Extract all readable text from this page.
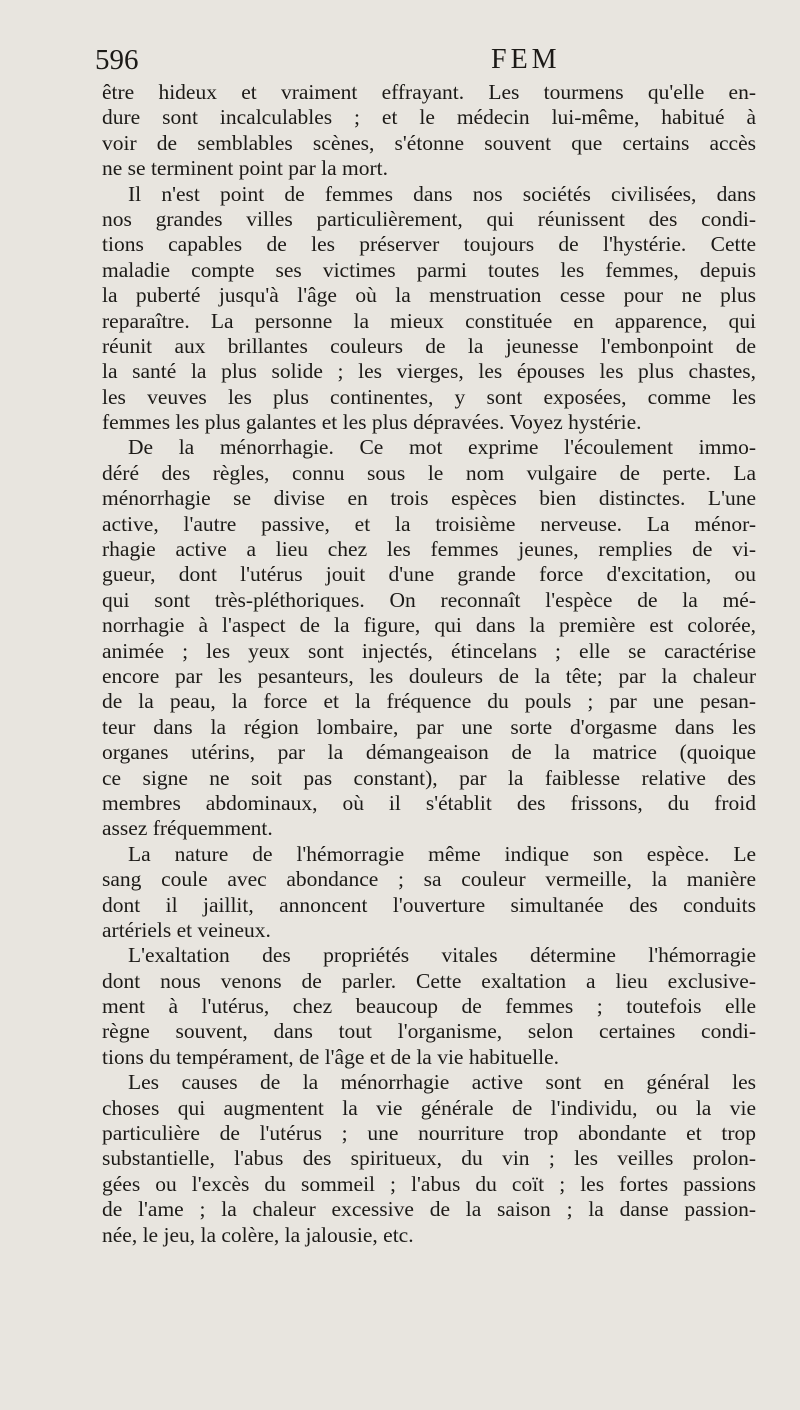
596	FEM
être hideux et vraiment effrayant. Les tourmens qu'elle en-
dure sont incalculables ; et le médecin lui-même, habitué à
voir de semblables scènes, s'étonne souvent que certains accès
ne se terminent point par la mort.
Il n'est point de femmes dans nos sociétés civilisées, dans
nos grandes villes particulièrement, qui réunissent des condi-
tions capables de les préserver toujours de l'hystérie. Cette
maladie compte ses victimes parmi toutes les femmes, depuis
la puberté jusqu'à l'âge où la menstruation cesse pour ne plus
reparaître. La personne la mieux constituée en apparence, qui
réunit aux brillantes couleurs de la jeunesse l'embonpoint de
la santé la plus solide ; les vierges, les épouses les plus chastes,
les veuves les plus continentes, y sont exposées, comme les
femmes les plus galantes et les plus dépravées. Voyez hystérie.
De la ménorrhagie. Ce mot exprime l'écoulement immo-
déré des règles, connu sous le nom vulgaire de perte. La
ménorrhagie se divise en trois espèces bien distinctes. L'une
active, l'autre passive, et la troisième nerveuse. La ménor-
rhagie active a lieu chez les femmes jeunes, remplies de vi-
gueur, dont l'utérus jouit d'une grande force d'excitation, ou
qui sont très-pléthoriques. On reconnaît l'espèce de la mé-
norrhagie à l'aspect de la figure, qui dans la première est colorée,
animée ; les yeux sont injectés, étincelans ; elle se caractérise
encore par les pesanteurs, les douleurs de la tête; par la chaleur
de la peau, la force et la fréquence du pouls ; par une pesan-
teur dans la région lombaire, par une sorte d'orgasme dans les
organes utérins, par la démangeaison de la matrice (quoique
ce signe ne soit pas constant), par la faiblesse relative des
membres abdominaux, où il s'établit des frissons, du froid
assez fréquemment.
La nature de l'hémorragie même indique son espèce. Le
sang coule avec abondance ; sa couleur vermeille, la manière
dont il jaillit, annoncent l'ouverture simultanée des conduits
artériels et veineux.
L'exaltation des propriétés vitales détermine l'hémorragie
dont nous venons de parler. Cette exaltation a lieu exclusive-
ment à l'utérus, chez beaucoup de femmes ; toutefois elle
règne souvent, dans tout l'organisme, selon certaines condi-
tions du tempérament, de l'âge et de la vie habituelle.
Les causes de la ménorrhagie active sont en général les
choses qui augmentent la vie générale de l'individu, ou la vie
particulière de l'utérus ; une nourriture trop abondante et trop
substantielle, l'abus des spiritueux, du vin ; les veilles prolon-
gées ou l'excès du sommeil ; l'abus du coït ; les fortes passions
de l'ame ; la chaleur excessive de la saison ; la danse passion-
née, le jeu, la colère, la jalousie, etc.
